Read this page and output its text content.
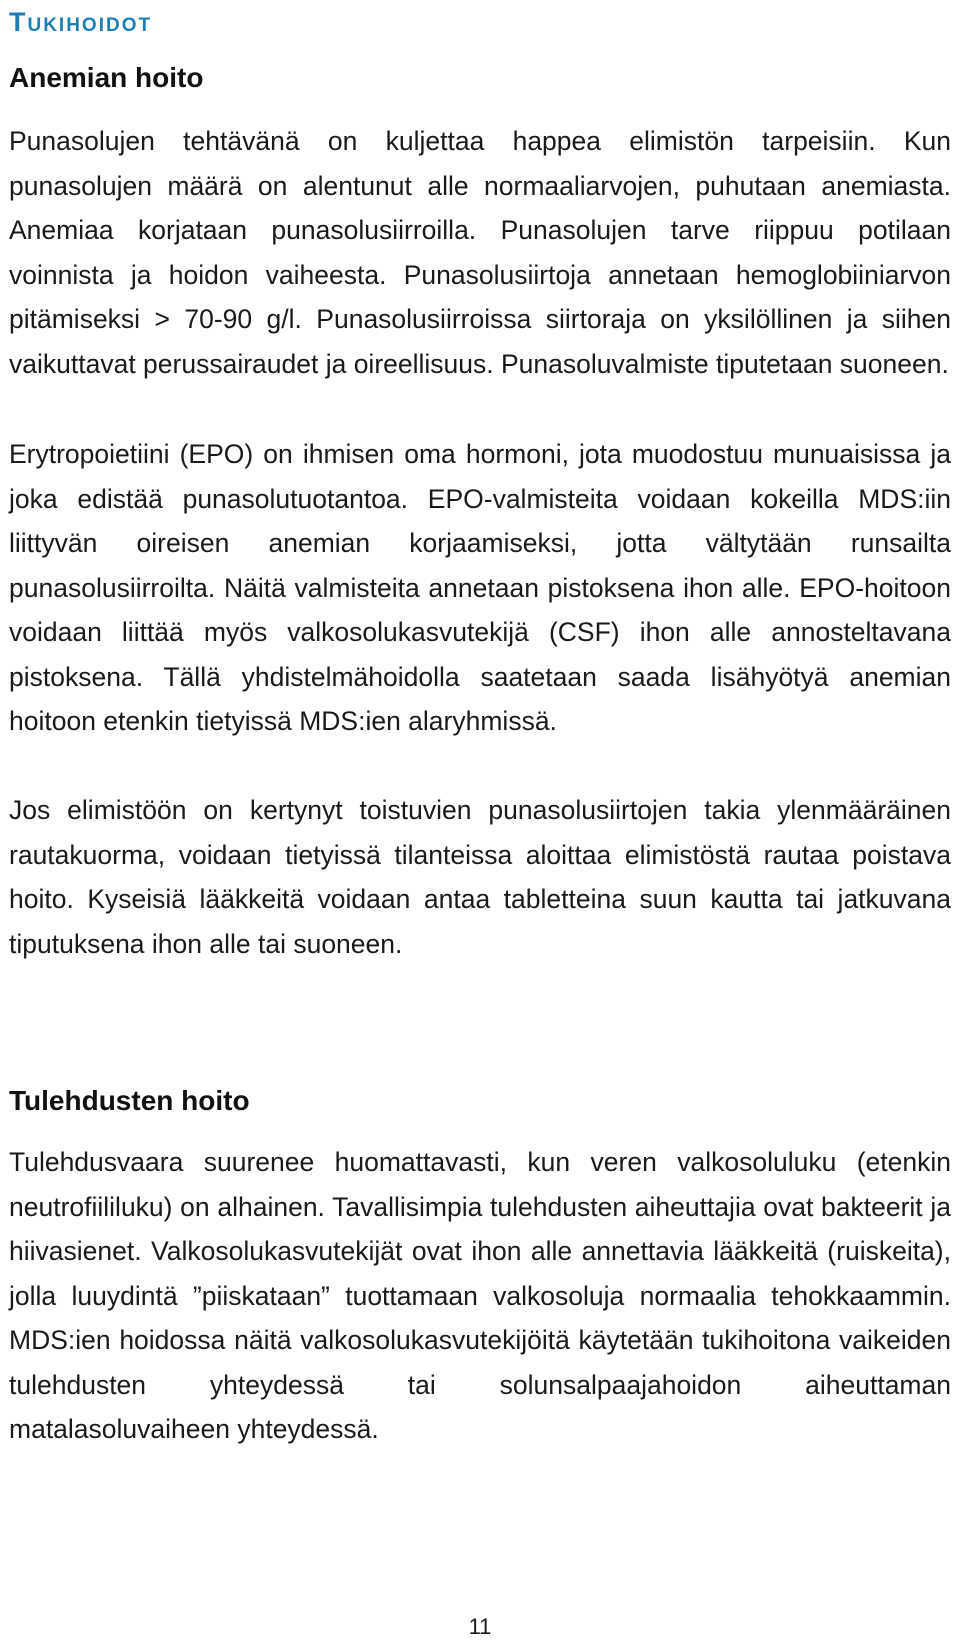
Tukihoidot
Anemian hoito

Punasolujen tehtävänä on kuljettaa happea elimistön tarpeisiin. Kun punasolujen määrä on alentunut alle normaaliarvojen, puhutaan anemiasta. Anemiaa korjataan punasolusiirroilla. Punasolujen tarve riippuu potilaan voinnista ja hoidon vaiheesta. Punasolusiirtoja annetaan hemoglobiiniarvon pitämiseksi > 70-90 g/l. Punasolusiirroissa siirtoraja on yksilöllinen ja siihen vaikuttavat perussairaudet ja oireellisuus. Punasoluvalmiste tiputetaan suoneen.

Erytropoietiini (EPO) on ihmisen oma hormoni, jota muodostuu munuaisissa ja joka edistää punasolutuotantoa. EPO-valmisteita voidaan kokeilla MDS:iin liittyvän oireisen anemian korjaamiseksi, jotta vältytään runsailta punasolusiirroilta. Näitä valmisteita annetaan pistoksena ihon alle. EPO-hoitoon voidaan liittää myös valkosolukasvutekijä (CSF) ihon alle annosteltavana pistoksena. Tällä yhdistelmähoidolla saatetaan saada lisähyötyä anemian hoitoon etenkin tietyissä MDS:ien alaryhmissä.

Jos elimistöön on kertynyt toistuvien punasolusiirtojen takia ylenmääräinen rautakuorma, voidaan tietyissä tilanteissa aloittaa elimistöstä rautaa poistava hoito. Kyseisiä lääkkeitä voidaan antaa tabletteina suun kautta tai jatkuvana tiputuksena ihon alle tai suoneen.

Tulehdusten hoito

Tulehdusvaara suurenee huomattavasti, kun veren valkosoluluku (etenkin neutrofiililuku) on alhainen. Tavallisimpia tulehdusten aiheuttajia ovat bakteerit ja hiivasienet. Valkosolukasvutekijät ovat ihon alle annettavia lääkkeitä (ruiskeita), jolla luuydintä ”piiskataan” tuottamaan valkosoluja normaalia tehokkaammin. MDS:ien hoidossa näitä valkosolukasvutekijöitä käytetään tukihoitona vaikeiden tulehdusten yhteydessä tai solunsalpaajahoidon aiheuttaman matalasoluvaiheen yhteydessä.

11
